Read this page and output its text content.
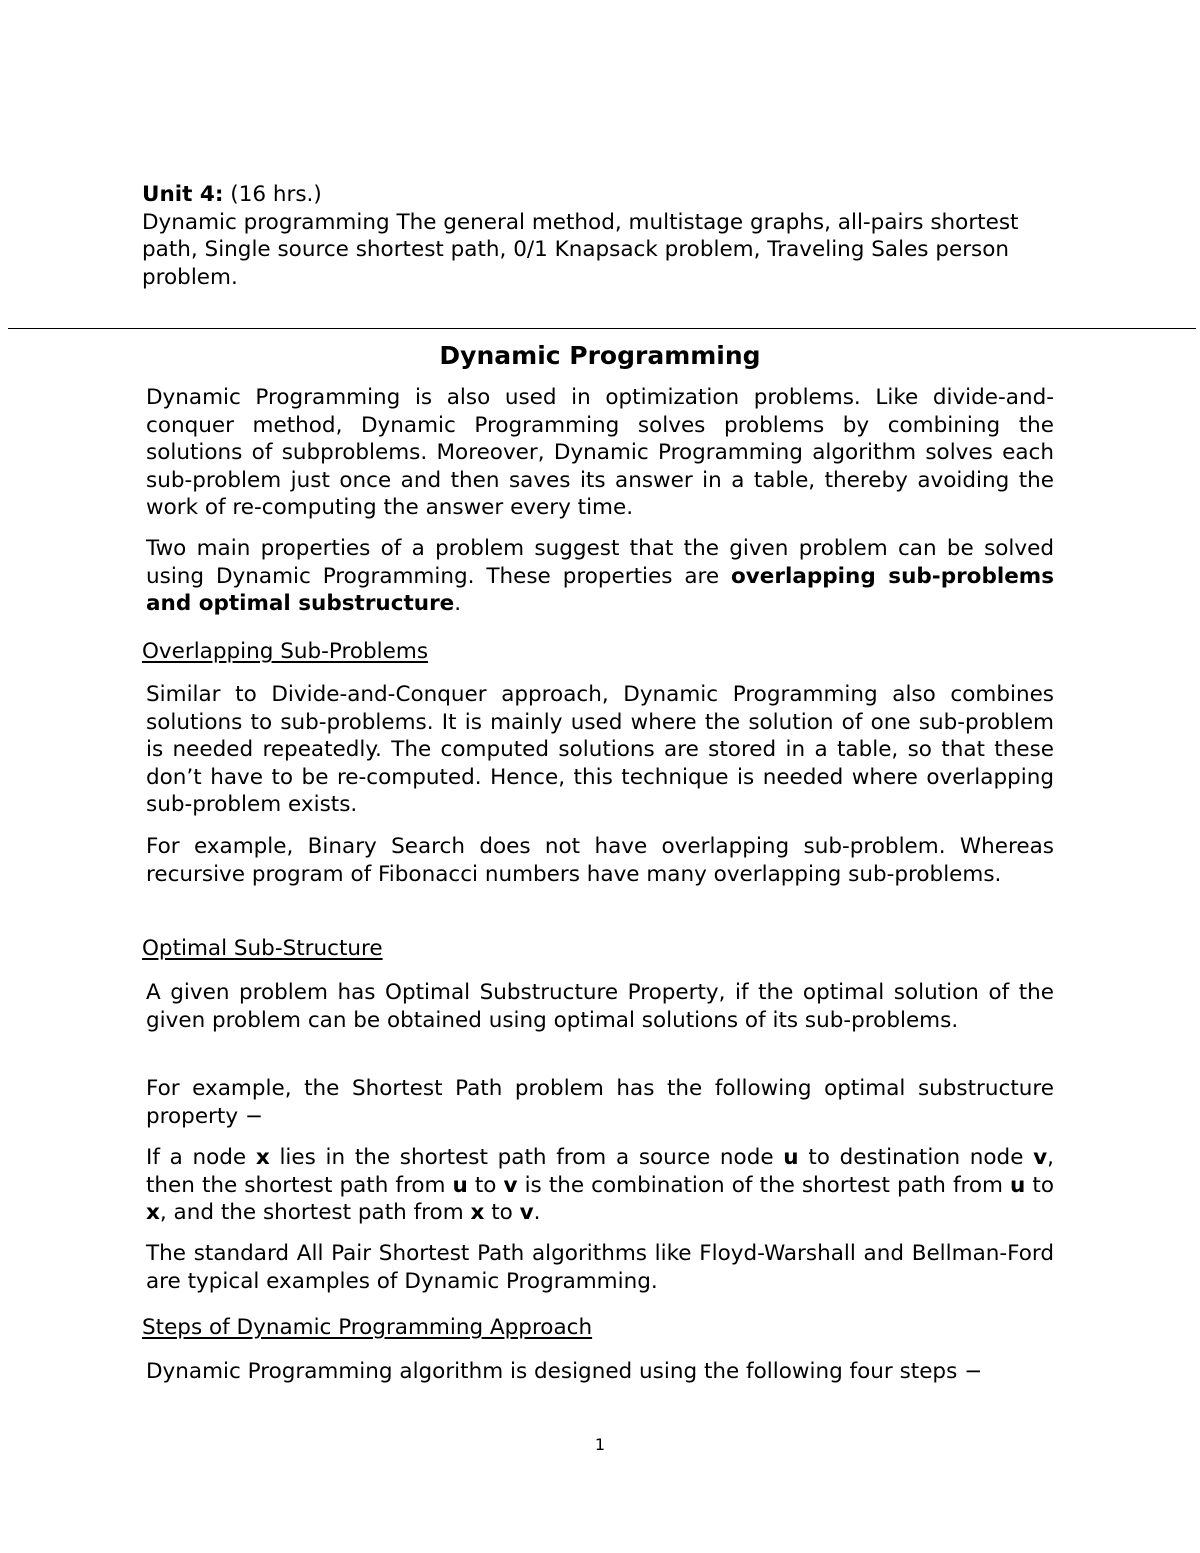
Unit 4: (16 hrs.)
Dynamic programming The general method, multistage graphs, all-pairs shortest path, Single source shortest path, 0/1 Knapsack problem, Traveling Sales person problem.
Dynamic Programming

Dynamic Programming is also used in optimization problems. Like divide-and-conquer method, Dynamic Programming solves problems by combining the solutions of subproblems. Moreover, Dynamic Programming algorithm solves each sub-problem just once and then saves its answer in a table, thereby avoiding the work of re-computing the answer every time.

Two main properties of a problem suggest that the given problem can be solved using Dynamic Programming. These properties are overlapping sub-problems and optimal substructure.

Overlapping Sub-Problems

Similar to Divide-and-Conquer approach, Dynamic Programming also combines solutions to sub-problems. It is mainly used where the solution of one sub-problem is needed repeatedly. The computed solutions are stored in a table, so that these don’t have to be re-computed. Hence, this technique is needed where overlapping sub-problem exists.

For example, Binary Search does not have overlapping sub-problem. Whereas recursive program of Fibonacci numbers have many overlapping sub-problems.

Optimal Sub-Structure

A given problem has Optimal Substructure Property, if the optimal solution of the given problem can be obtained using optimal solutions of its sub-problems.

For example, the Shortest Path problem has the following optimal substructure property −

If a node x lies in the shortest path from a source node u to destination node v, then the shortest path from u to v is the combination of the shortest path from u to x, and the shortest path from x to v.

The standard All Pair Shortest Path algorithms like Floyd-Warshall and Bellman-Ford are typical examples of Dynamic Programming.

Steps of Dynamic Programming Approach

Dynamic Programming algorithm is designed using the following four steps −

1
